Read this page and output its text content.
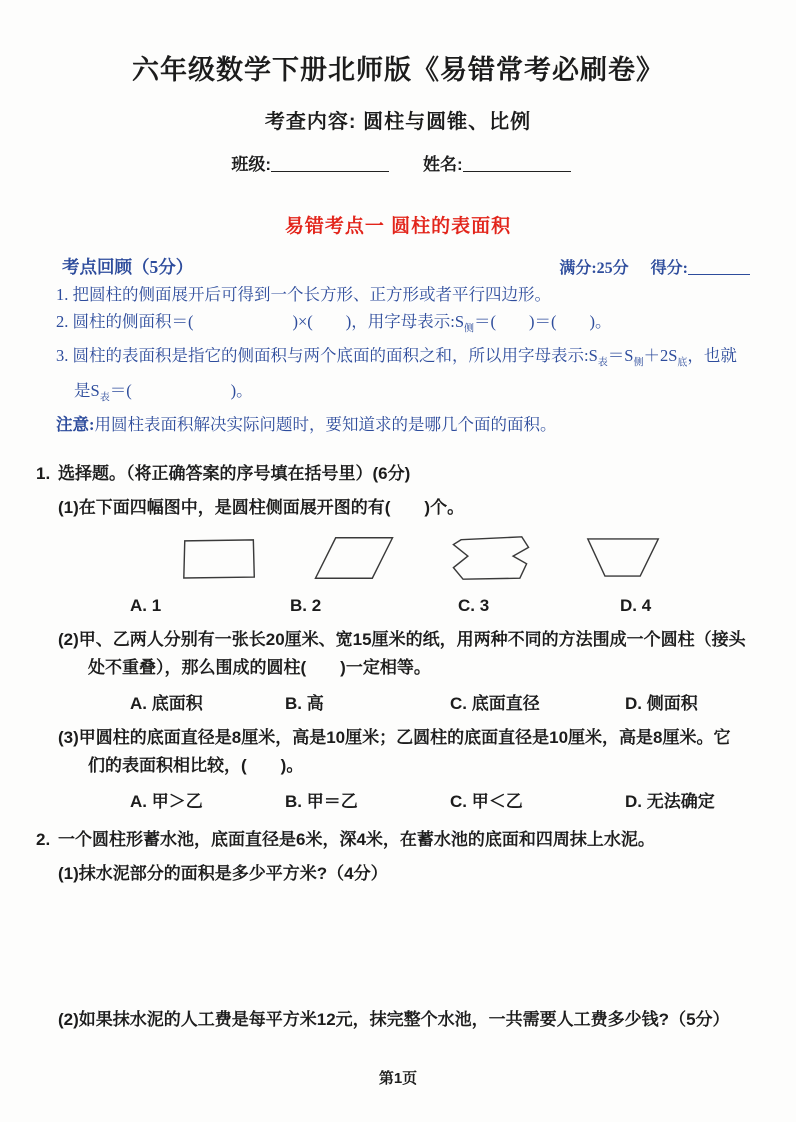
六年级数学下册北师版《易错常考必刷卷》
考查内容: 圆柱与圆锥、比例
班级:	姓名:
易错考点一 圆柱的表面积
考点回顾（5分）	满分:25分 得分:
1. 把圆柱的侧面展开后可得到一个长方形、正方形或者平行四边形。
2. 圆柱的侧面积＝(　　　　　　)×(　　)，用字母表示$:S_侧=$(　　)＝(　　)。
3. 圆柱的表面积是指它的侧面积与两个底面的面积之和，所以用字母表示$:S_表=S_侧+2S_底$，也就
是$S_表=$(　　　　　　)。
注意:用圆柱表面积解决实际问题时，要知道求的是哪几个面的面积。
1. 选择题。（将正确答案的序号填在括号里）(6分)
(1)在下面四幅图中，是圆柱侧面展开图的有(　　)个。
A. 1	B. 2	C. 3	D. 4
(2)甲、乙两人分别有一张长20厘米、宽15厘米的纸，用两种不同的方法围成一个圆柱（接头
处不重叠），那么围成的圆柱(　　)一定相等。
A. 底面积	B. 高	C. 底面直径	D. 侧面积
(3)甲圆柱的底面直径是8厘米，高是10厘米；乙圆柱的底面直径是10厘米，高是8厘米。它
们的表面积相比较，(　　)。
A. 甲＞乙	B. 甲＝乙	C. 甲＜乙	D. 无法确定
2. 一个圆柱形蓄水池，底面直径是6米，深4米，在蓄水池的底面和四周抹上水泥。
(1)抹水泥部分的面积是多少平方米?（4分）
(2)如果抹水泥的人工费是每平方米12元，抹完整个水池，一共需要人工费多少钱?（5分）
第1页
